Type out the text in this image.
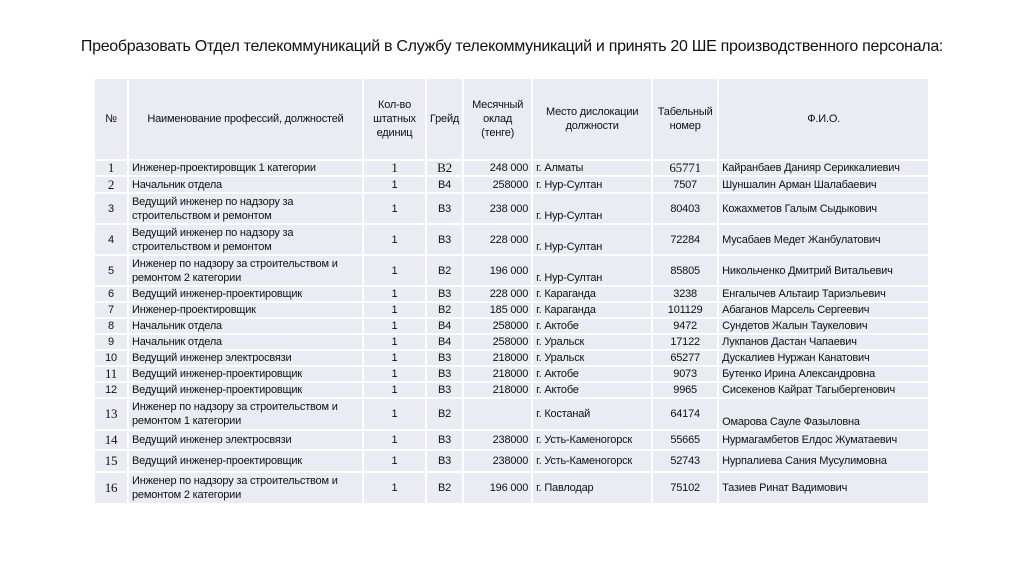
Преобразовать Отдел телекоммуникаций в Службу телекоммуникаций и принять 20 ШЕ производственного персонала:
№	Наименование профессий, должностей	Кол-во штатных единиц	Грейд	Месячный оклад (тенге)	Место дислокации должности	Табельный номер	Ф.И.О.
1	Инженер-проектировщик 1 категории	1	B2	248 000	г. Алматы	65771	Кайранбаев Данияр Сериккалиевич
2	Начальник отдела	1	B4	258000	г. Нур-Султан	7507	Шуншалин Арман Шалабаевич
3	Ведущий инженер по надзору за строительством и ремонтом	1	B3	238 000	г. Нур-Султан	80403	Кожахметов Галым Сыдыкович
4	Ведущий инженер по надзору за строительством и ремонтом	1	B3	228 000	г. Нур-Султан	72284	Мусабаев Медет Жанбулатович
5	Инженер по надзору за строительством и ремонтом 2 категории	1	B2	196 000	г. Нур-Султан	85805	Никольченко Дмитрий Витальевич
6	Ведущий инженер-проектировщик	1	B3	228 000	г. Караганда	3238	Енгалычев Альтаир Тариэльевич
7	Инженер-проектировщик	1	B2	185 000	г. Караганда	101129	Абаганов Марсель Сергеевич
8	Начальник отдела	1	B4	258000	г. Актобе	9472	Сундетов Жалын Таукелович
9	Начальник отдела	1	B4	258000	г. Уральск	17122	Лукпанов Дастан Чапаевич
10	Ведущий инженер электросвязи	1	B3	218000	г. Уральск	65277	Дускалиев Нуржан Канатович
11	Ведущий инженер-проектировщик	1	B3	218000	г. Актобе	9073	Бутенко Ирина Александровна
12	Ведущий инженер-проектировщик	1	B3	218000	г. Актобе	9965	Сисекенов Кайрат Тагыбергенович
13	Инженер по надзору за строительством и ремонтом 1 категории	1	B2		г. Костанай	64174	Омарова Сауле Фазыловна
14	Ведущий инженер электросвязи	1	B3	238000	г. Усть-Каменогорск	55665	Нурмагамбетов Елдос Жуматаевич
15	Ведущий инженер-проектировщик	1	B3	238000	г. Усть-Каменогорск	52743	Нурпалиева Сания Мусулимовна
16	Инженер по надзору за строительством и ремонтом 2 категории	1	B2	196 000	г. Павлодар	75102	Тазиев Ринат Вадимович
